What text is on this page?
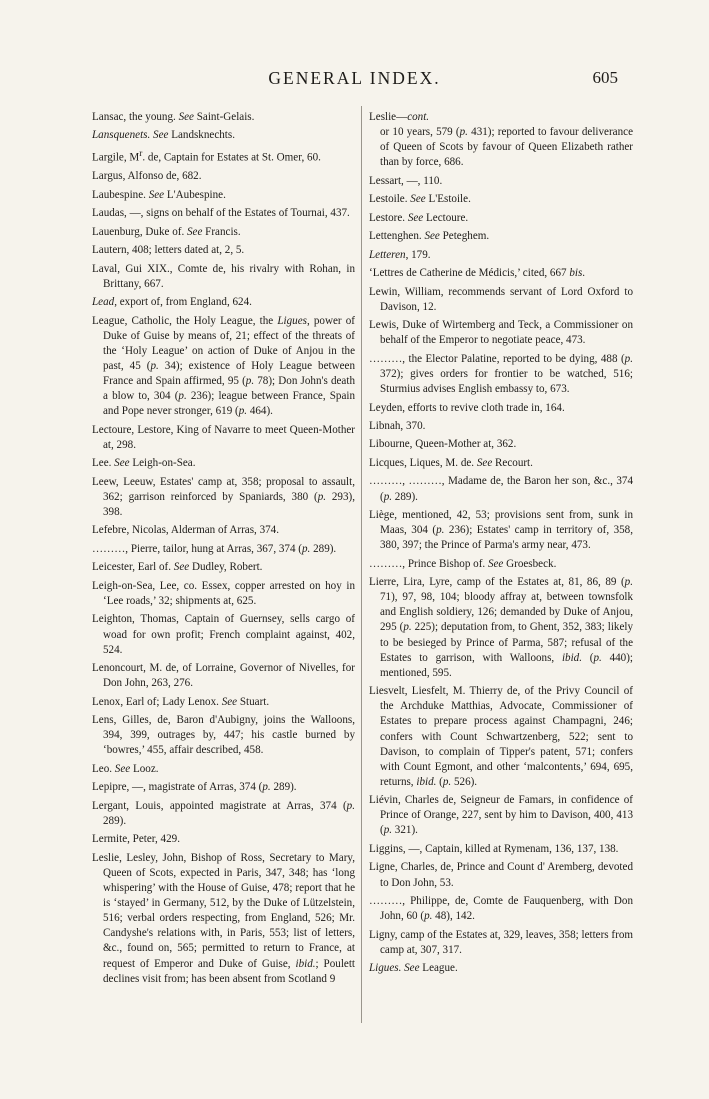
GENERAL INDEX.	605

Lansac, the young. See Saint-Gelais.

Lansquenets. See Landsknechts.

Largile, $M^r$. de, Captain for Estates at St. Omer, 60.

Largus, Alfonso de, 682.

Laubespine. See L'Aubespine.

Laudas, —, signs on behalf of the Estates of Tournai, 437.

Lauenburg, Duke of. See Francis.

Lautern, 408; letters dated at, 2, 5.

Laval, Gui XIX., Comte de, his rivalry with Rohan, in Brittany, 667.

Lead, export of, from England, 624.

League, Catholic, the Holy League, the Ligues, power of Duke of Guise by means of, 21; effect of the threats of the ‘Holy League’ on action of Duke of Anjou in the past, 45 (p. 34); existence of Holy League between France and Spain affirmed, 95 (p. 78); Don John's death a blow to, 304 (p. 236); league between France, Spain and Pope never stronger, 619 (p. 464).

Lectoure, Lestore, King of Navarre to meet Queen-Mother at, 298.

Lee. See Leigh-on-Sea.

Leew, Leeuw, Estates' camp at, 358; proposal to assault, 362; garrison reinforced by Spaniards, 380 (p. 293), 398.

Lefebre, Nicolas, Alderman of Arras, 374.

………, Pierre, tailor, hung at Arras, 367, 374 (p. 289).

Leicester, Earl of. See Dudley, Robert.

Leigh-on-Sea, Lee, co. Essex, copper arrested on hoy in ‘Lee roads,’ 32; shipments at, 625.

Leighton, Thomas, Captain of Guernsey, sells cargo of woad for own profit; French complaint against, 402, 524.

Lenoncourt, M. de, of Lorraine, Governor of Nivelles, for Don John, 263, 276.

Lenox, Earl of; Lady Lenox. See Stuart.

Lens, Gilles, de, Baron d'Aubigny, joins the Walloons, 394, 399, outrages by, 447; his castle burned by ‘bowres,’ 455, affair described, 458.

Leo. See Looz.

Lepipre, —, magistrate of Arras, 374 (p. 289).

Lergant, Louis, appointed magistrate at Arras, 374 (p. 289).

Lermite, Peter, 429.

Leslie, Lesley, John, Bishop of Ross, Secretary to Mary, Queen of Scots, expected in Paris, 347, 348; has ‘long whispering’ with the House of Guise, 478; report that he is ‘stayed’ in Germany, 512, by the Duke of Lützelstein, 516; verbal orders respecting, from England, 526; Mr. Candyshe's relations with, in Paris, 553; list of letters, &c., found on, 565; permitted to return to France, at request of Emperor and Duke of Guise, ibid.; Poulett declines visit from; has been absent from Scotland 9

Leslie—cont.

or 10 years, 579 (p. 431); reported to favour deliverance of Queen of Scots by favour of Queen Elizabeth rather than by force, 686.

Lessart, —, 110.

Lestoile. See L'Estoile.

Lestore. See Lectoure.

Lettenghen. See Peteghem.

Letteren, 179.

‘Lettres de Catherine de Médicis,’ cited, 667 bis.

Lewin, William, recommends servant of Lord Oxford to Davison, 12.

Lewis, Duke of Wirtemberg and Teck, a Commissioner on behalf of the Emperor to negotiate peace, 473.

………, the Elector Palatine, reported to be dying, 488 (p. 372); gives orders for frontier to be watched, 516; Sturmius advises English embassy to, 673.

Leyden, efforts to revive cloth trade in, 164.

Libnah, 370.

Libourne, Queen-Mother at, 362.

Licques, Liques, M. de. See Recourt.

………, ………, Madame de, the Baron her son, &c., 374 (p. 289).

Liège, mentioned, 42, 53; provisions sent from, sunk in Maas, 304 (p. 236); Estates' camp in territory of, 358, 380, 397; the Prince of Parma's army near, 473.

………, Prince Bishop of. See Groesbeck.

Lierre, Lira, Lyre, camp of the Estates at, 81, 86, 89 (p. 71), 97, 98, 104; bloody affray at, between townsfolk and English soldiery, 126; demanded by Duke of Anjou, 295 (p. 225); deputation from, to Ghent, 352, 383; likely to be besieged by Prince of Parma, 587; refusal of the Estates to garrison, with Walloons, ibid. (p. 440); mentioned, 595.

Liesvelt, Liesfelt, M. Thierry de, of the Privy Council of the Archduke Matthias, Advocate, Commissioner of Estates to prepare process against Champagni, 246; confers with Count Schwartzenberg, 522; sent to Davison, to complain of Tipper's patent, 571; confers with Count Egmont, and other ‘malcontents,’ 694, 695, returns, ibid. (p. 526).

Liévin, Charles de, Seigneur de Famars, in confidence of Prince of Orange, 227, sent by him to Davison, 400, 413 (p. 321).

Liggins, —, Captain, killed at Rymenam, 136, 137, 138.

Ligne, Charles, de, Prince and Count d' Aremberg, devoted to Don John, 53.

………, Philippe, de, Comte de Fauquenberg, with Don John, 60 (p. 48), 142.

Ligny, camp of the Estates at, 329, leaves, 358; letters from camp at, 307, 317.

Ligues. See League.
